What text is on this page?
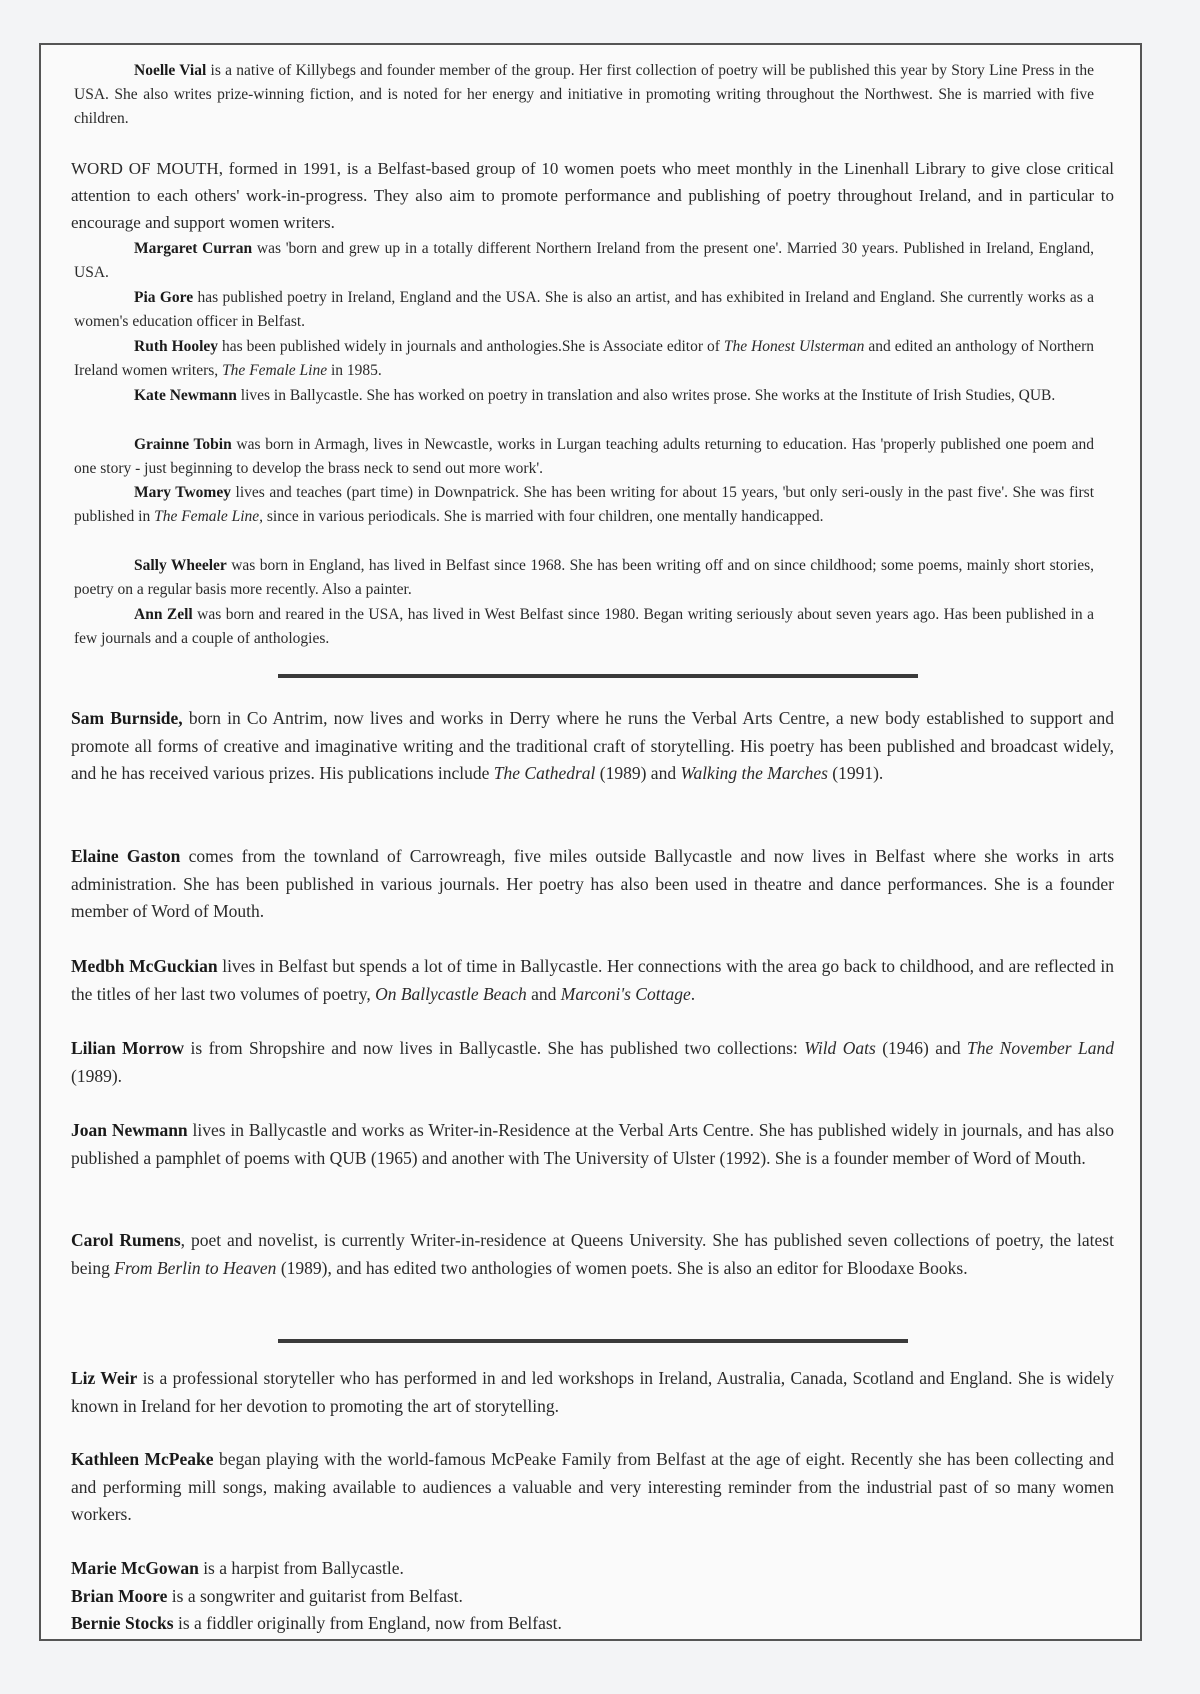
Noelle Vial is a native of Killybegs and founder member of the group. Her first collection of poetry will be published this year by Story Line Press in the USA. She also writes prize-winning fiction, and is noted for her energy and initiative in promoting writing throughout the Northwest. She is married with five children.

WORD OF MOUTH, formed in 1991, is a Belfast-based group of 10 women poets who meet monthly in the Linenhall Library to give close critical attention to each others' work-in-progress. They also aim to promote performance and publishing of poetry throughout Ireland, and in particular to encourage and support women writers.

Margaret Curran was 'born and grew up in a totally different Northern Ireland from the present one'. Married 30 years. Published in Ireland, England, USA.

Pia Gore has published poetry in Ireland, England and the USA. She is also an artist, and has exhibited in Ireland and England. She currently works as a women's education officer in Belfast.

Ruth Hooley has been published widely in journals and anthologies.She is Associate editor of The Honest Ulsterman and edited an anthology of Northern Ireland women writers, The Female Line in 1985.

Kate Newmann lives in Ballycastle. She has worked on poetry in translation and also writes prose. She works at the Institute of Irish Studies, QUB.

Grainne Tobin was born in Armagh, lives in Newcastle, works in Lurgan teaching adults returning to education. Has 'properly published one poem and one story - just beginning to develop the brass neck to send out more work'.

Mary Twomey lives and teaches (part time) in Downpatrick. She has been writing for about 15 years, 'but only seri-ously in the past five'. She was first published in The Female Line, since in various periodicals. She is married with four children, one mentally handicapped.

Sally Wheeler was born in England, has lived in Belfast since 1968. She has been writing off and on since childhood; some poems, mainly short stories, poetry on a regular basis more recently. Also a painter.

Ann Zell was born and reared in the USA, has lived in West Belfast since 1980. Began writing seriously about seven years ago. Has been published in a few journals and a couple of anthologies.

Sam Burnside, born in Co Antrim, now lives and works in Derry where he runs the Verbal Arts Centre, a new body established to support and promote all forms of creative and imaginative writing and the traditional craft of storytelling. His poetry has been published and broadcast widely, and he has received various prizes. His publications include The Cathedral (1989) and Walking the Marches (1991).

Elaine Gaston comes from the townland of Carrowreagh, five miles outside Ballycastle and now lives in Belfast where she works in arts administration. She has been published in various journals. Her poetry has also been used in theatre and dance performances. She is a founder member of Word of Mouth.

Medbh McGuckian lives in Belfast but spends a lot of time in Ballycastle. Her connections with the area go back to childhood, and are reflected in the titles of her last two volumes of poetry, On Ballycastle Beach and Marconi's Cottage.

Lilian Morrow is from Shropshire and now lives in Ballycastle. She has published two collections: Wild Oats (1946) and The November Land (1989).

Joan Newmann lives in Ballycastle and works as Writer-in-Residence at the Verbal Arts Centre. She has published widely in journals, and has also published a pamphlet of poems with QUB (1965) and another with The University of Ulster (1992). She is a founder member of Word of Mouth.

Carol Rumens, poet and novelist, is currently Writer-in-residence at Queens University. She has published seven collections of poetry, the latest being From Berlin to Heaven (1989), and has edited two anthologies of women poets. She is also an editor for Bloodaxe Books.

Liz Weir is a professional storyteller who has performed in and led workshops in Ireland, Australia, Canada, Scotland and England. She is widely known in Ireland for her devotion to promoting the art of storytelling.

Kathleen McPeake began playing with the world-famous McPeake Family from Belfast at the age of eight. Recently she has been collecting and and performing mill songs, making available to audiences a valuable and very interesting reminder from the industrial past of so many women workers.

Marie McGowan is a harpist from Ballycastle.
Brian Moore is a songwriter and guitarist from Belfast.
Bernie Stocks is a fiddler originally from England, now from Belfast.
